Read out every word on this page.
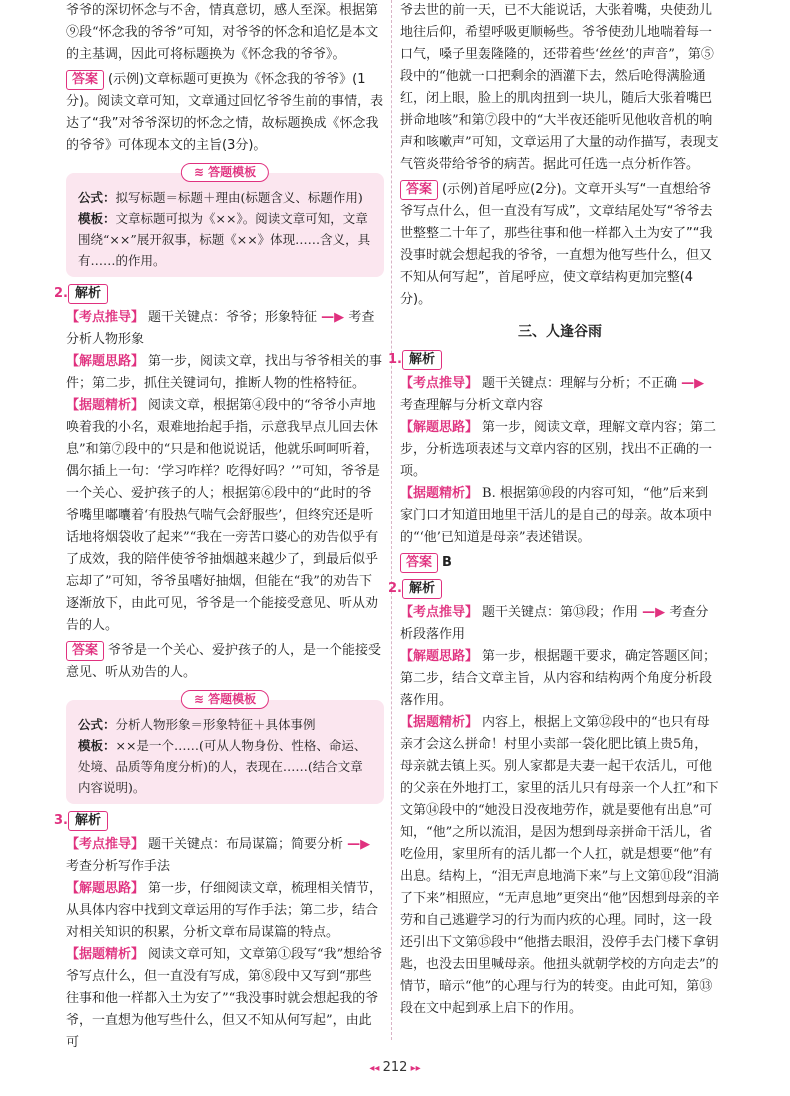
爷爷的深切怀念与不舍，情真意切，感人至深。根据第⑨段“怀念我的爷爷”可知，对爷爷的怀念和追忆是本文的主基调，因此可将标题换为《怀念我的爷爷》。

答案 (示例)文章标题可更换为《怀念我的爷爷》(1分)。阅读文章可知，文章通过回忆爷爷生前的事情，表达了“我”对爷爷深切的怀念之情，故标题换成《怀念我的爷爷》可体现本文的主旨(3分)。

≋ 答题模板

公式：拟写标题＝标题＋理由(标题含义、标题作用)

模板：文章标题可拟为《××》。阅读文章可知，文章围绕“××”展开叙事，标题《××》体现……含义，具有……的作用。

2. 解析

【考点推导】 题干关键点：爷爷；形象特征 —▶ 考查分析人物形象

【解题思路】 第一步，阅读文章，找出与爷爷相关的事件；第二步，抓住关键词句，推断人物的性格特征。

【据题精析】 阅读文章，根据第④段中的“爷爷小声地唤着我的小名，艰难地抬起手指，示意我早点儿回去休息”和第⑦段中的“只是和他说说话，他就乐呵呵听着，偶尔插上一句：‘学习咋样？吃得好吗？’”可知，爷爷是一个关心、爱护孩子的人；根据第⑥段中的“此时的爷爷嘴里嘟囔着‘有股热气喘气会舒服些’，但终究还是听话地将烟袋收了起来”“我在一旁苦口婆心的劝告似乎有了成效，我的陪伴使爷爷抽烟越来越少了，到最后似乎忘却了”可知，爷爷虽嗜好抽烟，但能在“我”的劝告下逐渐放下，由此可见，爷爷是一个能接受意见、听从劝告的人。

答案 爷爷是一个关心、爱护孩子的人，是一个能接受意见、听从劝告的人。

≋ 答题模板

公式：分析人物形象＝形象特征＋具体事例

模板：××是一个……(可从人物身份、性格、命运、处境、品质等角度分析)的人，表现在……(结合文章内容说明)。

3. 解析

【考点推导】 题干关键点：布局谋篇；简要分析 —▶ 考查分析写作手法

【解题思路】 第一步，仔细阅读文章，梳理相关情节，从具体内容中找到文章运用的写作手法；第二步，结合对相关知识的积累，分析文章布局谋篇的特点。

【据题精析】 阅读文章可知，文章第①段写“我”想给爷爷写点什么，但一直没有写成，第⑧段中又写到“那些往事和他一样都入土为安了”“我没事时就会想起我的爷爷，一直想为他写些什么，但又不知从何写起”，由此可

爷去世的前一天，已不大能说话，大张着嘴，央使劲儿地往后仰，希望呼吸更顺畅些。爷爷使劲儿地喘着每一口气，嗓子里轰隆隆的，还带着些‘丝丝’的声音”，第⑤段中的“他就一口把剩余的酒灌下去，然后呛得满脸通红，闭上眼，脸上的肌肉扭到一块儿，随后大张着嘴巴拼命地咳”和第⑦段中的“大半夜还能听见他收音机的响声和咳嗽声”可知，文章运用了大量的动作描写，表现支气管炎带给爷爷的病苦。据此可任选一点分析作答。

答案 (示例)首尾呼应(2分)。文章开头写“一直想给爷爷写点什么，但一直没有写成”，文章结尾处写“爷爷去世整整二十年了，那些往事和他一样都入土为安了”“我没事时就会想起我的爷爷，一直想为他写些什么，但又不知从何写起”，首尾呼应，使文章结构更加完整(4分)。

三、人逢谷雨
1. 解析

【考点推导】 题干关键点：理解与分析；不正确 —▶ 考查理解与分析文章内容

【解题思路】 第一步，阅读文章，理解文章内容；第二步，分析选项表述与文章内容的区别，找出不正确的一项。

【据题精析】 B. 根据第⑩段的内容可知，“他”后来到家门口才知道田地里干活儿的是自己的母亲。故本项中的“‘他’已知道是母亲”表述错误。

答案 B

2. 解析

【考点推导】 题干关键点：第⑬段；作用 —▶ 考查分析段落作用

【解题思路】 第一步，根据题干要求，确定答题区间；第二步，结合文章主旨，从内容和结构两个角度分析段落作用。

【据题精析】 内容上，根据上文第⑫段中的“也只有母亲才会这么拼命！村里小卖部一袋化肥比镇上贵5角，母亲就去镇上买。别人家都是夫妻一起干农活儿，可他的父亲在外地打工，家里的活儿只有母亲一个人扛”和下文第⑭段中的“她没日没夜地劳作，就是要他有出息”可知，“他”之所以流泪，是因为想到母亲拼命干活儿，省吃俭用，家里所有的活儿都一个人扛，就是想要“他”有出息。结构上，“泪无声息地淌下来”与上文第⑪段“泪淌了下来”相照应，“无声息地”更突出“他”因想到母亲的辛劳和自己逃避学习的行为而内疚的心理。同时，这一段还引出下文第⑮段中“他揩去眼泪，没停手去门楼下拿钥匙，也没去田里喊母亲。他扭头就朝学校的方向走去”的情节，暗示“他”的心理与行为的转变。由此可知，第⑬段在文中起到承上启下的作用。

◂◂ 212 ▸▸
